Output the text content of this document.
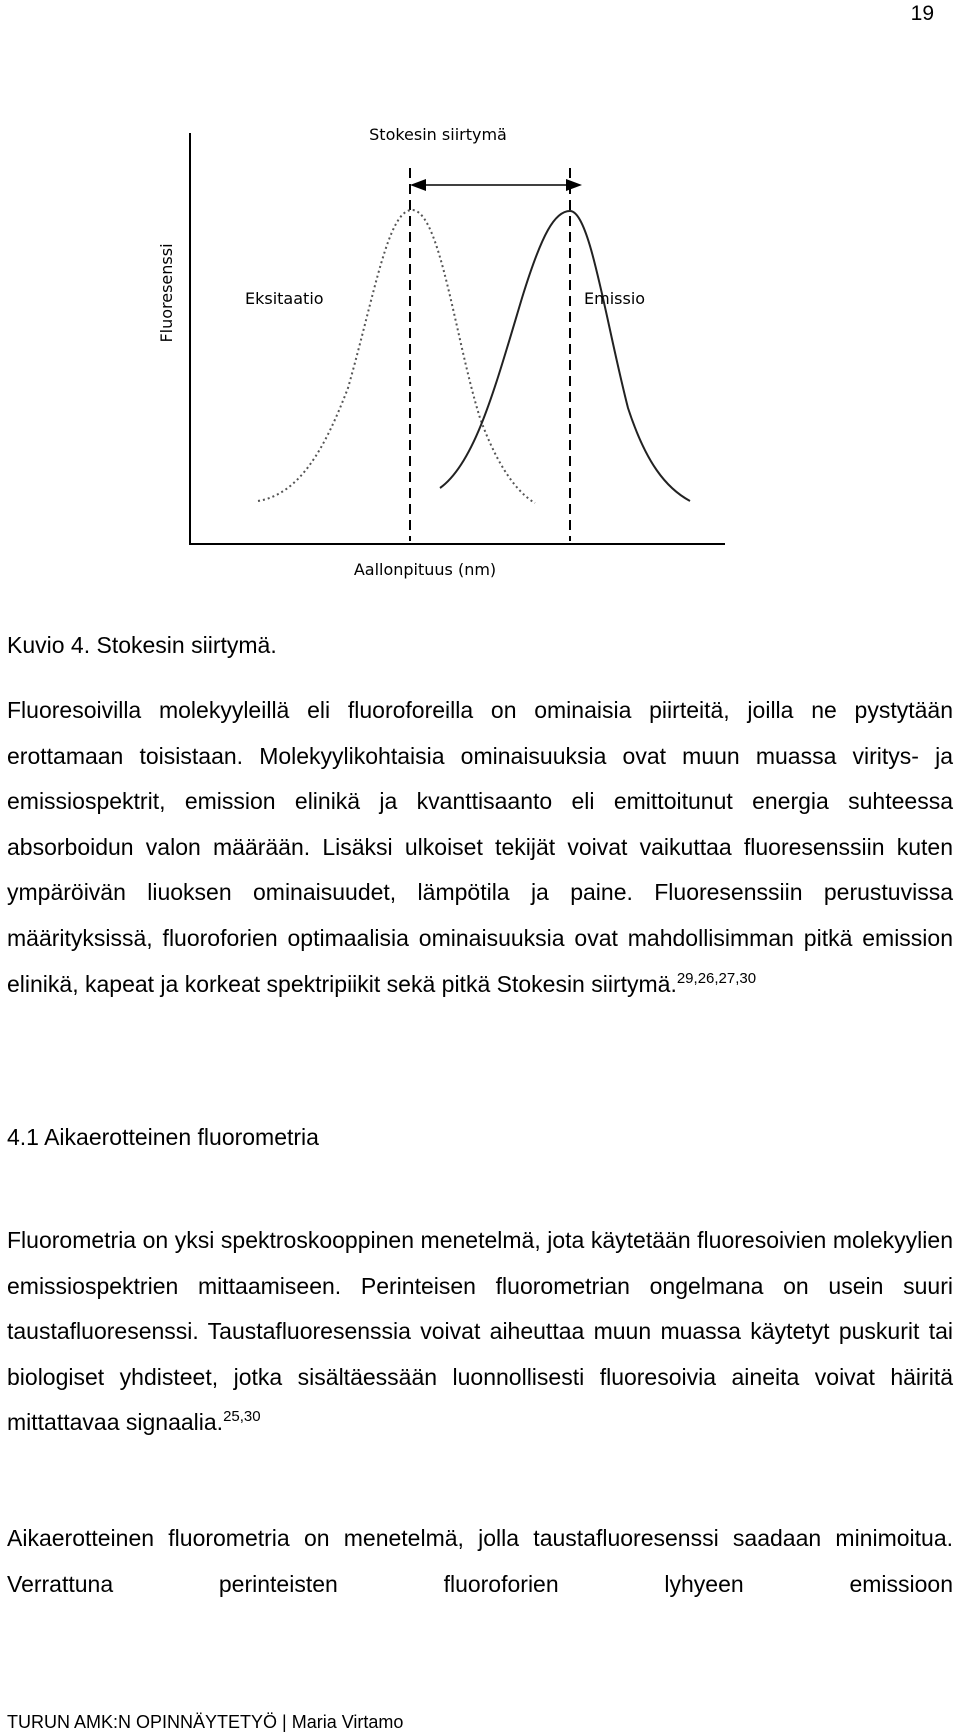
19
Stokesin siirtymä
Eksitaatio	Emissio
Fluoresenssi
Aallonpituus (nm)
Kuvio 4. Stokesin siirtymä.
Fluoresoivilla molekyyleillä eli fluoroforeilla on ominaisia piirteitä, joilla ne pystytään erottamaan toisistaan. Molekyylikohtaisia ominaisuuksia ovat muun muassa viritys- ja emissiospektrit, emission elinikä ja kvanttisaanto eli emittoitunut energia suhteessa absorboidun valon määrään. Lisäksi ulkoiset tekijät voivat vaikuttaa fluoresenssiin kuten ympäröivän liuoksen ominaisuudet, lämpötila ja paine. Fluoresenssiin perustuvissa määrityksissä, fluoroforien optimaalisia ominaisuuksia ovat mahdollisimman pitkä emission elinikä, kapeat ja korkeat spektripiikit sekä pitkä Stokesin siirtymä.$^{29,26,27,30}$
4.1 Aikaerotteinen fluorometria
Fluorometria on yksi spektroskooppinen menetelmä, jota käytetään fluoresoivien molekyylien emissiospektrien mittaamiseen. Perinteisen fluorometrian ongelmana on usein suuri taustafluoresenssi. Taustafluoresenssia voivat aiheuttaa muun muassa käytetyt puskurit tai biologiset yhdisteet, jotka sisältäessään luonnollisesti fluoresoivia aineita voivat häiritä mittattavaa signaalia.$^{25,30}$
Aikaerotteinen fluorometria on menetelmä, jolla taustafluoresenssi saadaan minimoitua. Verrattuna perinteisten fluoroforien lyhyeen emissioon
TURUN AMK:N OPINNÄYTETYÖ | Maria Virtamo
